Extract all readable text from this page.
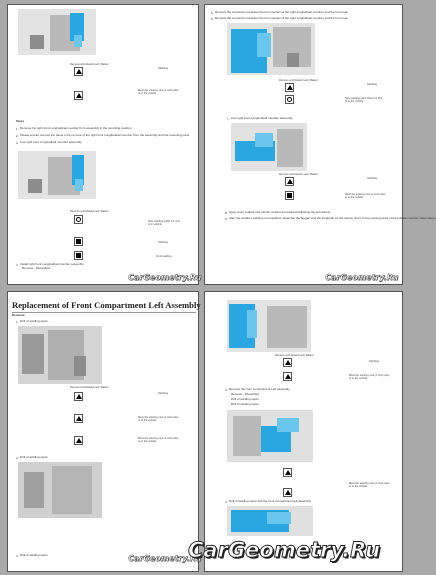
Remove and discard such Marker
Stitching
Meet the existing note (1 inch pole)
or in the vehicle
Steps
1. Remove the right front Longitudinal member from assembly in the mounting position.
2. Please ensure remove the panel to be remove of the right front Longitudinal member from the assembly and the mounting parts.
3. Line right front Longitudinal member assembly.
Remove and discard such Marker
Spot welding (pillar 1.0 mm)
or in vehicle
Stitching
Front welding
4. Install right front Longitudinal member assembly
Remove - Rivet/Clips
CarGeometry.Ru
5. Remove the connection between the front section of the right longitudinal member and the front rear.
6. Remove the connection between the front section of the right longitudinal member and the front rear.
Remove and discard such Marker
Stitching
Spot welding point (hole 2.0 Pin)
or in the vehicle
7. Line right front Longitudinal member assembly.
Remove and discard such Marker
Stitching
Meet the existing note (1 inch pole)
or in the vehicle
8. Apply body sealant and interior coating as required (following the procedure).
9. After the weather welding is completed, assemble the beggar and the longitude on the interior (front of the existing joints of the tubular member sheet stays).
CarGeometry.Ru
Replacement of Front Compartment Left Assembly
Removal
1. Drill of welding spots.
Remove and discard such Marker
Stitching
Meet the existing note (1 inch pole)
or in the vehicle
Meet the existing note (1 inch pole)
or in the vehicle
2. Drill of welding spots.
3. Drill of welding spots.	CarGeometry.Ru
Remove and discard such Marker
Stitching
Meet the existing note (1 inch pole)
or in the vehicle
2. Remove the front compartment Left assembly.
Remove - Rivet/Clips
Drill of welding spots.
Drill of welding spots.
Meet the existing note (1 inch pole)
or in the vehicle
3. Drill of welding spots and the front compartment left assembly.
CarGeometry.Ru
